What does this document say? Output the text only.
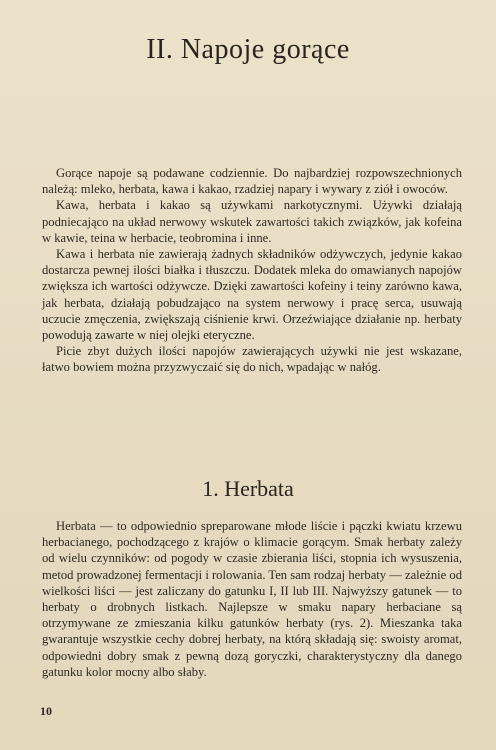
II. Napoje gorące

Gorące napoje są podawane codziennie. Do najbardziej rozpowszechnionych należą: mleko, herbata, kawa i kakao, rzadziej napary i wywary z ziół i owoców.

Kawa, herbata i kakao są używkami narkotycznymi. Używki działają podniecająco na układ nerwowy wskutek zawartości takich związków, jak kofeina w kawie, teina w herbacie, teobromina i inne.

Kawa i herbata nie zawierają żadnych składników odżywczych, jedynie kakao dostarcza pewnej ilości białka i tłuszczu. Dodatek mleka do omawianych napojów zwiększa ich wartości odżywcze. Dzięki zawartości kofeiny i teiny zarówno kawa, jak herbata, działają pobudzająco na system nerwowy i pracę serca, usuwają uczucie zmęczenia, zwiększają ciśnienie krwi. Orzeźwiające działanie np. herbaty powodują zawarte w niej olejki eteryczne.

Picie zbyt dużych ilości napojów zawierających używki nie jest wskazane, łatwo bowiem można przyzwyczaić się do nich, wpadając w nałóg.

1. Herbata

Herbata — to odpowiednio spreparowane młode liście i pączki kwiatu krzewu herbacianego, pochodzącego z krajów o klimacie gorącym. Smak herbaty zależy od wielu czynników: od pogody w czasie zbierania liści, stopnia ich wysuszenia, metod prowadzonej fermentacji i rolowania. Ten sam rodzaj herbaty — zależnie od wielkości liści — jest zaliczany do gatunku I, II lub III. Najwyższy gatunek — to herbaty o drobnych listkach. Najlepsze w smaku napary herbaciane są otrzymywane ze zmieszania kilku gatunków herbaty (rys. 2). Mieszanka taka gwarantuje wszystkie cechy dobrej herbaty, na którą składają się: swoisty aromat, odpowiedni dobry smak z pewną dozą goryczki, charakterystyczny dla danego gatunku kolor mocny albo słaby.

10
